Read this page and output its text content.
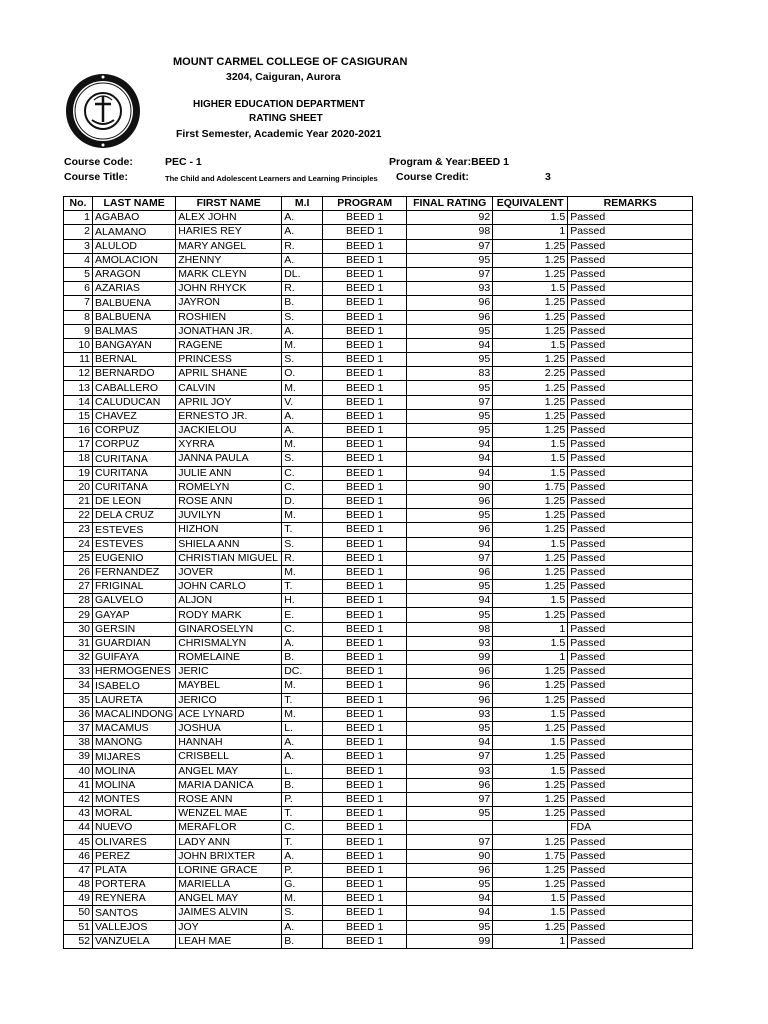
MOUNT CARMEL COLLEGE OF CASIGURAN
3204, Caiguran, Aurora
HIGHER EDUCATION DEPARTMENT
RATING SHEET
First Semester, Academic Year 2020-2021
Course Code:	PEC - 1	Program & Year:BEED 1
Course Title:	The Child and Adolescent Learners and Learning Principles Course Credit:	3
No.	LAST NAME	FIRST NAME	M.I	PROGRAM	FINAL RATING	EQUIVALENT	REMARKS
1	AGABAO	ALEX JOHN	A.	BEED 1	92	1.5	Passed
2	ALAMANO	HARIES REY	A.	BEED 1	98	1	Passed
3	ALULOD	MARY ANGEL	R.	BEED 1	97	1.25	Passed
4	AMOLACION	ZHENNY	A.	BEED 1	95	1.25	Passed
5	ARAGON	MARK CLEYN	DL.	BEED 1	97	1.25	Passed
6	AZARIAS	JOHN RHYCK	R.	BEED 1	93	1.5	Passed
7	BALBUENA	JAYRON	B.	BEED 1	96	1.25	Passed
8	BALBUENA	ROSHIEN	S.	BEED 1	96	1.25	Passed
9	BALMAS	JONATHAN JR.	A.	BEED 1	95	1.25	Passed
10	BANGAYAN	RAGENE	M.	BEED 1	94	1.5	Passed
11	BERNAL	PRINCESS	S.	BEED 1	95	1.25	Passed
12	BERNARDO	APRIL SHANE	O.	BEED 1	83	2.25	Passed
13	CABALLERO	CALVIN	M.	BEED 1	95	1.25	Passed
14	CALUDUCAN	APRIL JOY	V.	BEED 1	97	1.25	Passed
15	CHAVEZ	ERNESTO JR.	A.	BEED 1	95	1.25	Passed
16	CORPUZ	JACKIELOU	A.	BEED 1	95	1.25	Passed
17	CORPUZ	XYRRA	M.	BEED 1	94	1.5	Passed
18	CURITANA	JANNA PAULA	S.	BEED 1	94	1.5	Passed
19	CURITANA	JULIE ANN	C.	BEED 1	94	1.5	Passed
20	CURITANA	ROMELYN	C.	BEED 1	90	1.75	Passed
21	DE LEON	ROSE ANN	D.	BEED 1	96	1.25	Passed
22	DELA CRUZ	JUVILYN	M.	BEED 1	95	1.25	Passed
23	ESTEVES	HIZHON	T.	BEED 1	96	1.25	Passed
24	ESTEVES	SHIELA ANN	S.	BEED 1	94	1.5	Passed
25	EUGENIO	CHRISTIAN MIGUEL	R.	BEED 1	97	1.25	Passed
26	FERNANDEZ	JOVER	M.	BEED 1	96	1.25	Passed
27	FRIGINAL	JOHN CARLO	T.	BEED 1	95	1.25	Passed
28	GALVELO	ALJON	H.	BEED 1	94	1.5	Passed
29	GAYAP	RODY MARK	E.	BEED 1	95	1.25	Passed
30	GERSIN	GINAROSELYN	C.	BEED 1	98	1	Passed
31	GUARDIAN	CHRISMALYN	A.	BEED 1	93	1.5	Passed
32	GUIFAYA	ROMELAINE	B.	BEED 1	99	1	Passed
33	HERMOGENES	JERIC	DC.	BEED 1	96	1.25	Passed
34	ISABELO	MAYBEL	M.	BEED 1	96	1.25	Passed
35	LAURETA	JERICO	T.	BEED 1	96	1.25	Passed
36	MACALINDONG	ACE LYNARD	M.	BEED 1	93	1.5	Passed
37	MACAMUS	JOSHUA	L.	BEED 1	95	1.25	Passed
38	MANONG	HANNAH	A.	BEED 1	94	1.5	Passed
39	MIJARES	CRISBELL	A.	BEED 1	97	1.25	Passed
40	MOLINA	ANGEL MAY	L.	BEED 1	93	1.5	Passed
41	MOLINA	MARIA DANICA	B.	BEED 1	96	1.25	Passed
42	MONTES	ROSE ANN	P.	BEED 1	97	1.25	Passed
43	MORAL	WENZEL MAE	T.	BEED 1	95	1.25	Passed
44	NUEVO	MERAFLOR	C.	BEED 1			FDA
45	OLIVARES	LADY ANN	T.	BEED 1	97	1.25	Passed
46	PEREZ	JOHN BRIXTER	A.	BEED 1	90	1.75	Passed
47	PLATA	LORINE GRACE	P.	BEED 1	96	1.25	Passed
48	PORTERA	MARIELLA	G.	BEED 1	95	1.25	Passed
49	REYNERA	ANGEL MAY	M.	BEED 1	94	1.5	Passed
50	SANTOS	JAIMES ALVIN	S.	BEED 1	94	1.5	Passed
51	VALLEJOS	JOY	A.	BEED 1	95	1.25	Passed
52	VANZUELA	LEAH MAE	B.	BEED 1	99	1	Passed
